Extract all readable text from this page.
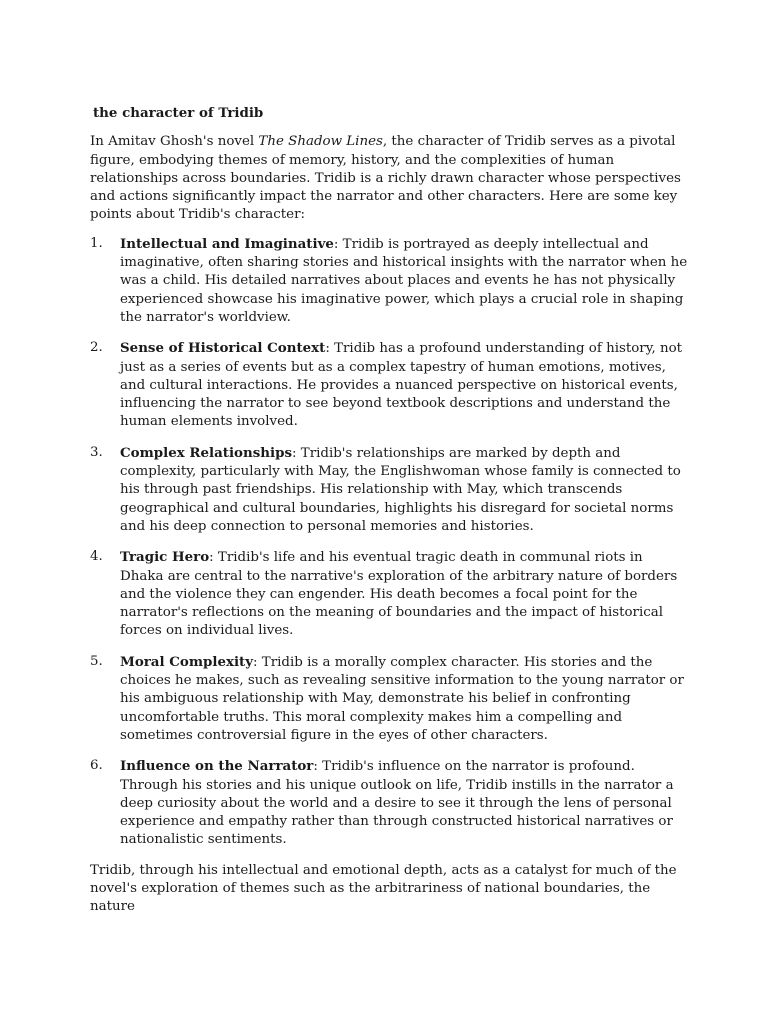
the character of Tridib

In Amitav Ghosh's novel The Shadow Lines, the character of Tridib serves as a pivotal figure, embodying themes of memory, history, and the complexities of human relationships across boundaries. Tridib is a richly drawn character whose perspectives and actions significantly impact the narrator and other characters. Here are some key points about Tridib's character:

1. Intellectual and Imaginative: Tridib is portrayed as deeply intellectual and imaginative, often sharing stories and historical insights with the narrator when he was a child. His detailed narratives about places and events he has not physically experienced showcase his imaginative power, which plays a crucial role in shaping the narrator's worldview.
2. Sense of Historical Context: Tridib has a profound understanding of history, not just as a series of events but as a complex tapestry of human emotions, motives, and cultural interactions. He provides a nuanced perspective on historical events, influencing the narrator to see beyond textbook descriptions and understand the human elements involved.
3. Complex Relationships: Tridib's relationships are marked by depth and complexity, particularly with May, the Englishwoman whose family is connected to his through past friendships. His relationship with May, which transcends geographical and cultural boundaries, highlights his disregard for societal norms and his deep connection to personal memories and histories.
4. Tragic Hero: Tridib's life and his eventual tragic death in communal riots in Dhaka are central to the narrative's exploration of the arbitrary nature of borders and the violence they can engender. His death becomes a focal point for the narrator's reflections on the meaning of boundaries and the impact of historical forces on individual lives.
5. Moral Complexity: Tridib is a morally complex character. His stories and the choices he makes, such as revealing sensitive information to the young narrator or his ambiguous relationship with May, demonstrate his belief in confronting uncomfortable truths. This moral complexity makes him a compelling and sometimes controversial figure in the eyes of other characters.
6. Influence on the Narrator: Tridib's influence on the narrator is profound. Through his stories and his unique outlook on life, Tridib instills in the narrator a deep curiosity about the world and a desire to see it through the lens of personal experience and empathy rather than through constructed historical narratives or nationalistic sentiments.

Tridib, through his intellectual and emotional depth, acts as a catalyst for much of the novel's exploration of themes such as the arbitrariness of national boundaries, the nature
